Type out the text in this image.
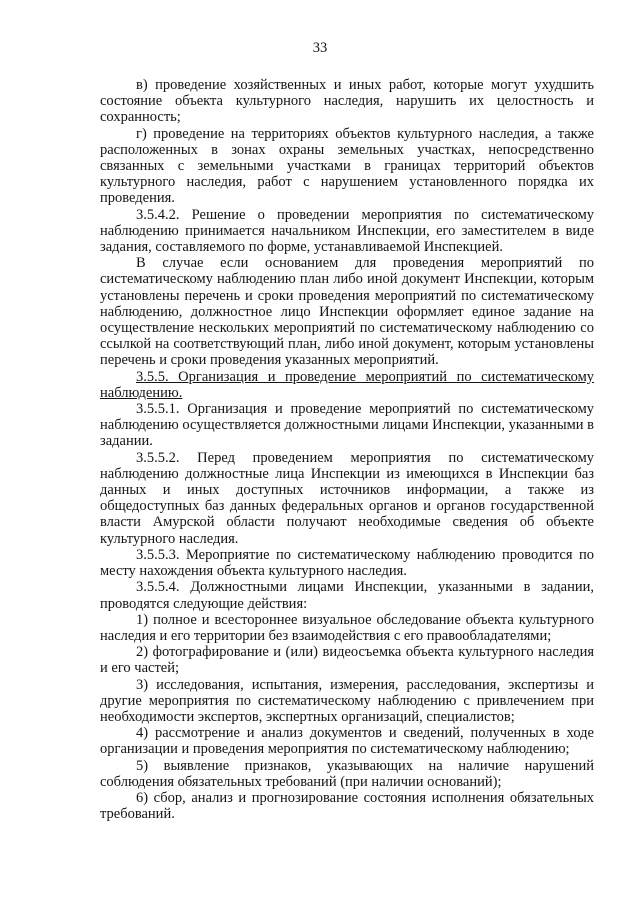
33

в) проведение хозяйственных и иных работ, которые могут ухудшить состояние объекта культурного наследия, нарушить их целостность и сохранность;

г) проведение на территориях объектов культурного наследия, а также расположенных в зонах охраны земельных участках, непосредственно связанных с земельными участками в границах территорий объектов культурного наследия, работ с нарушением установленного порядка их проведения.

3.5.4.2. Решение о проведении мероприятия по систематическому наблюдению принимается начальником Инспекции, его заместителем в виде задания, составляемого по форме, устанавливаемой Инспекцией.

В случае если основанием для проведения мероприятий по систематическому наблюдению план либо иной документ Инспекции, которым установлены перечень и сроки проведения мероприятий по систематическому наблюдению, должностное лицо Инспекции оформляет единое задание на осуществление нескольких мероприятий по систематическому наблюдению со ссылкой на соответствующий план, либо иной документ, которым установлены перечень и сроки проведения указанных мероприятий.

3.5.5. Организация и проведение мероприятий по систематическому наблюдению.

3.5.5.1. Организация и проведение мероприятий по систематическому наблюдению осуществляется должностными лицами Инспекции, указанными в задании.

3.5.5.2. Перед проведением мероприятия по систематическому наблюдению должностные лица Инспекции из имеющихся в Инспекции баз данных и иных доступных источников информации, а также из общедоступных баз данных федеральных органов и органов государственной власти Амурской области получают необходимые сведения об объекте культурного наследия.

3.5.5.3. Мероприятие по систематическому наблюдению проводится по месту нахождения объекта культурного наследия.

3.5.5.4. Должностными лицами Инспекции, указанными в задании, проводятся следующие действия:

1) полное и всестороннее визуальное обследование объекта культурного наследия и его территории без взаимодействия с его правообладателями;

2) фотографирование и (или) видеосъемка объекта культурного наследия и его частей;

3) исследования, испытания, измерения, расследования, экспертизы и другие мероприятия по систематическому наблюдению с привлечением при необходимости экспертов, экспертных организаций, специалистов;

4) рассмотрение и анализ документов и сведений, полученных в ходе организации и проведения мероприятия по систематическому наблюдению;

5) выявление признаков, указывающих на наличие нарушений соблюдения обязательных требований (при наличии оснований);

6) сбор, анализ и прогнозирование состояния исполнения обязательных требований.
